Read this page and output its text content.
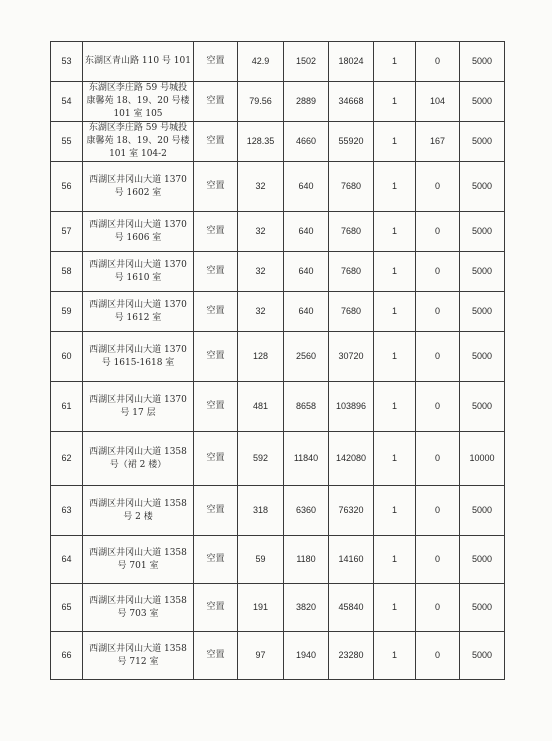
53	东湖区青山路 110 号 101	空置	42.9	1502	18024	1	0	5000
54	东湖区李庄路 59 号城投康馨苑 18、19、20 号楼 101 室 105	空置	79.56	2889	34668	1	104	5000
55	东湖区李庄路 59 号城投康馨苑 18、19、20 号楼 101 室 104-2	空置	128.35	4660	55920	1	167	5000
56	西湖区井冈山大道 1370 号 1602 室	空置	32	640	7680	1	0	5000
57	西湖区井冈山大道 1370 号 1606 室	空置	32	640	7680	1	0	5000
58	西湖区井冈山大道 1370 号 1610 室	空置	32	640	7680	1	0	5000
59	西湖区井冈山大道 1370 号 1612 室	空置	32	640	7680	1	0	5000
60	西湖区井冈山大道 1370 号 1615-1618 室	空置	128	2560	30720	1	0	5000
61	西湖区井冈山大道 1370 号 17 层	空置	481	8658	103896	1	0	5000
62	西湖区井冈山大道 1358 号（裙 2 楼）	空置	592	11840	142080	1	0	10000
63	西湖区井冈山大道 1358 号 2 楼	空置	318	6360	76320	1	0	5000
64	西湖区井冈山大道 1358 号 701 室	空置	59	1180	14160	1	0	5000
65	西湖区井冈山大道 1358 号 703 室	空置	191	3820	45840	1	0	5000
66	西湖区井冈山大道 1358 号 712 室	空置	97	1940	23280	1	0	5000
